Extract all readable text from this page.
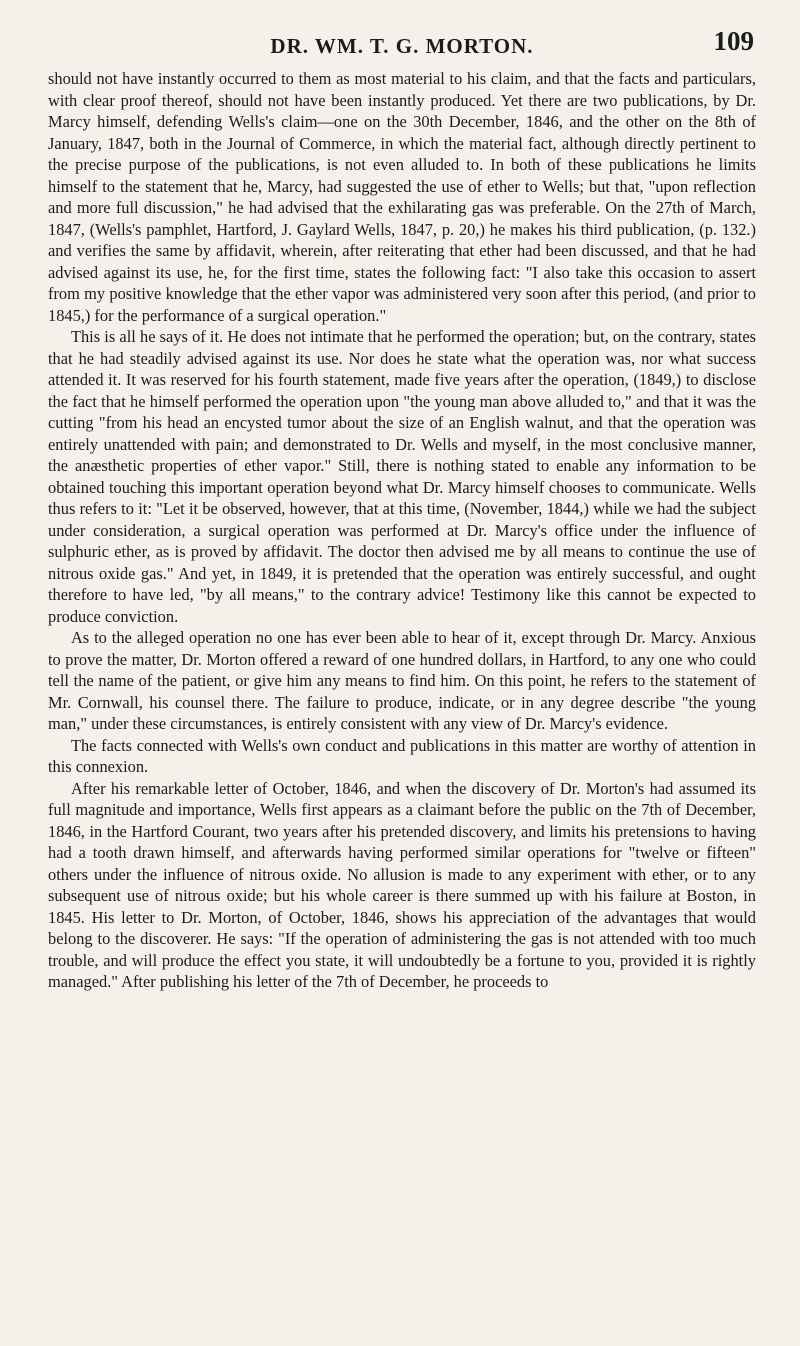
DR. WM. T. G. MORTON.	109

should not have instantly occurred to them as most material to his claim, and that the facts and particulars, with clear proof thereof, should not have been instantly produced. Yet there are two publications, by Dr. Marcy himself, defending Wells's claim—one on the 30th December, 1846, and the other on the 8th of January, 1847, both in the Journal of Commerce, in which the material fact, although directly pertinent to the precise purpose of the publications, is not even alluded to. In both of these publications he limits himself to the statement that he, Marcy, had suggested the use of ether to Wells; but that, "upon reflection and more full discussion," he had advised that the exhilarating gas was preferable. On the 27th of March, 1847, (Wells's pamphlet, Hartford, J. Gaylard Wells, 1847, p. 20,) he makes his third publication, (p. 132.) and verifies the same by affidavit, wherein, after reiterating that ether had been discussed, and that he had advised against its use, he, for the first time, states the following fact: "I also take this occasion to assert from my positive knowledge that the ether vapor was administered very soon after this period, (and prior to 1845,) for the performance of a surgical operation."

This is all he says of it. He does not intimate that he performed the operation; but, on the contrary, states that he had steadily advised against its use. Nor does he state what the operation was, nor what success attended it. It was reserved for his fourth statement, made five years after the operation, (1849,) to disclose the fact that he himself performed the operation upon "the young man above alluded to," and that it was the cutting "from his head an encysted tumor about the size of an English walnut, and that the operation was entirely unattended with pain; and demonstrated to Dr. Wells and myself, in the most conclusive manner, the anæsthetic properties of ether vapor." Still, there is nothing stated to enable any information to be obtained touching this important operation beyond what Dr. Marcy himself chooses to communicate. Wells thus refers to it: "Let it be observed, however, that at this time, (November, 1844,) while we had the subject under consideration, a surgical operation was performed at Dr. Marcy's office under the influence of sulphuric ether, as is proved by affidavit. The doctor then advised me by all means to continue the use of nitrous oxide gas." And yet, in 1849, it is pretended that the operation was entirely successful, and ought therefore to have led, "by all means," to the contrary advice! Testimony like this cannot be expected to produce conviction.

As to the alleged operation no one has ever been able to hear of it, except through Dr. Marcy. Anxious to prove the matter, Dr. Morton offered a reward of one hundred dollars, in Hartford, to any one who could tell the name of the patient, or give him any means to find him. On this point, he refers to the statement of Mr. Cornwall, his counsel there. The failure to produce, indicate, or in any degree describe "the young man," under these circumstances, is entirely consistent with any view of Dr. Marcy's evidence.

The facts connected with Wells's own conduct and publications in this matter are worthy of attention in this connexion.

After his remarkable letter of October, 1846, and when the discovery of Dr. Morton's had assumed its full magnitude and importance, Wells first appears as a claimant before the public on the 7th of December, 1846, in the Hartford Courant, two years after his pretended discovery, and limits his pretensions to having had a tooth drawn himself, and afterwards having performed similar operations for "twelve or fifteen" others under the influence of nitrous oxide. No allusion is made to any experiment with ether, or to any subsequent use of nitrous oxide; but his whole career is there summed up with his failure at Boston, in 1845. His letter to Dr. Morton, of October, 1846, shows his appreciation of the advantages that would belong to the discoverer. He says: "If the operation of administering the gas is not attended with too much trouble, and will produce the effect you state, it will undoubtedly be a fortune to you, provided it is rightly managed." After publishing his letter of the 7th of December, he proceeds to
